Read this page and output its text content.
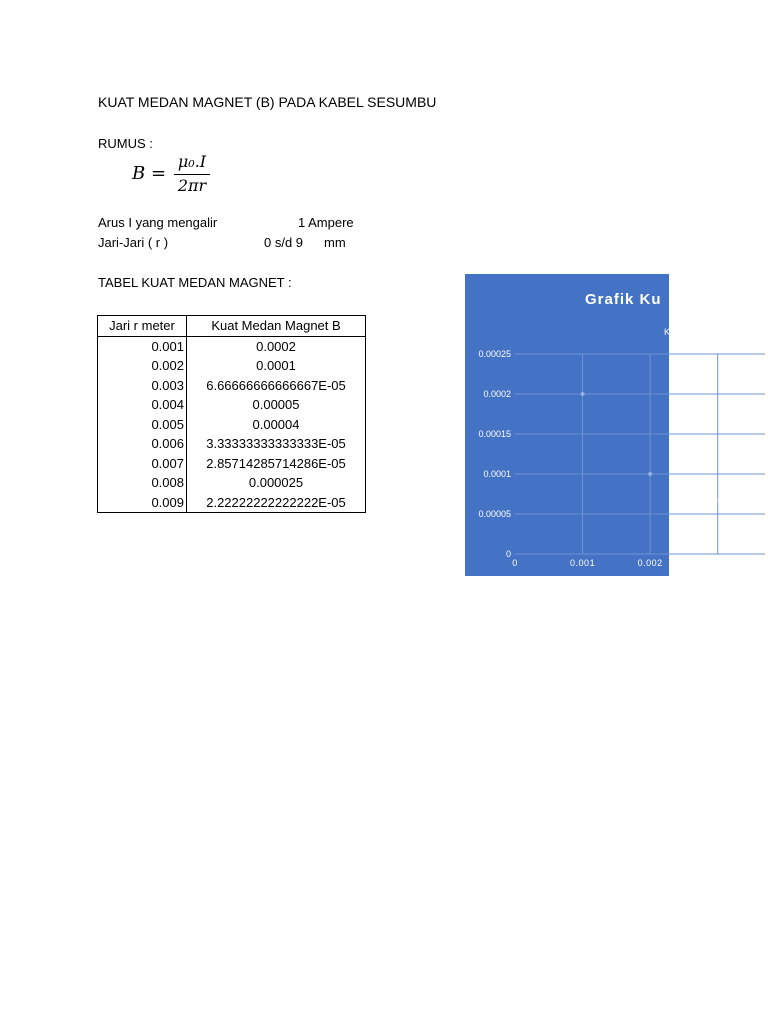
KUAT MEDAN MAGNET (B) PADA KABEL SESUMBU
RUMUS :
B =
μ₀.I
2πr
Arus I yang mengalir	1 Ampere
Jari-Jari ( r )	0 s/d 9 mm
TABEL KUAT MEDAN MAGNET :
Jari r meter	Kuat Medan Magnet B
0.001	0.0002
0.002	0.0001
0.003	6.66666666666667E-05
0.004	0.00005
0.005	0.00004
0.006	3.33333333333333E-05
0.007	2.85714285714286E-05
0.008	0.000025
0.009	2.22222222222222E-05
Grafik Ku
K
0
0.00005
0.0001
0.00015
0.0002
0.00025
0	0.001	0.002	0.003
